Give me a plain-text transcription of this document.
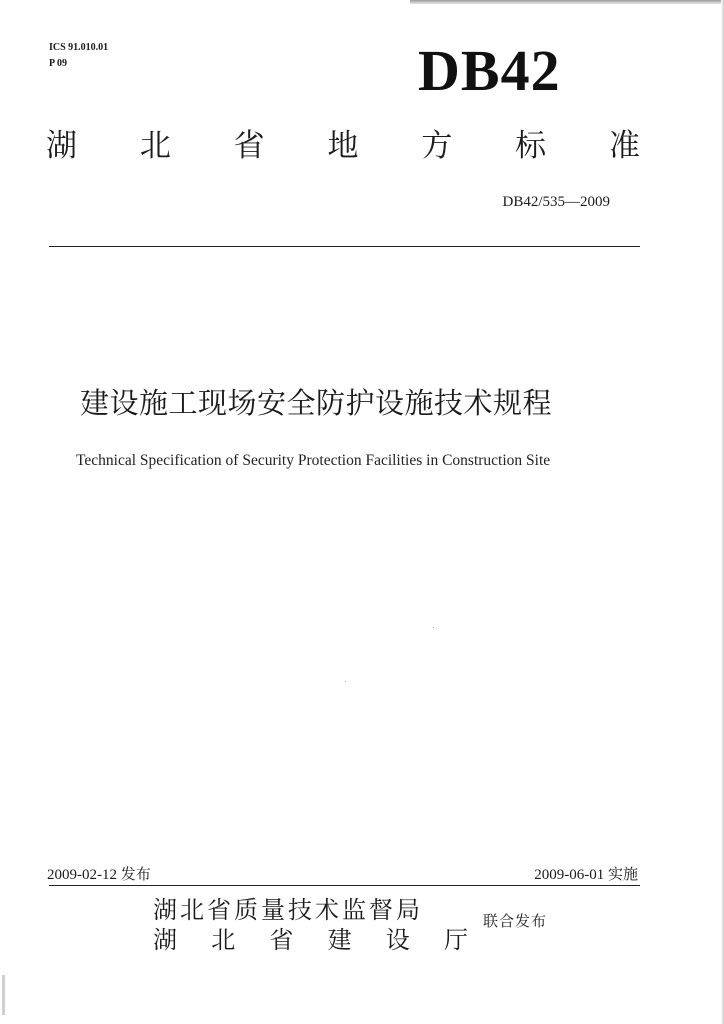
ICS 91.010.01
P 09	DB42
湖 北 省 地 方 标 准
DB42/535—2009
建设施工现场安全防护设施技术规程
Technical Specification of Security Protection Facilities in Construction Site
2009-02-12 发布	2009-06-01 实施
湖北省质量技术监督局
湖 北 省 建 设 厅
联合发布
